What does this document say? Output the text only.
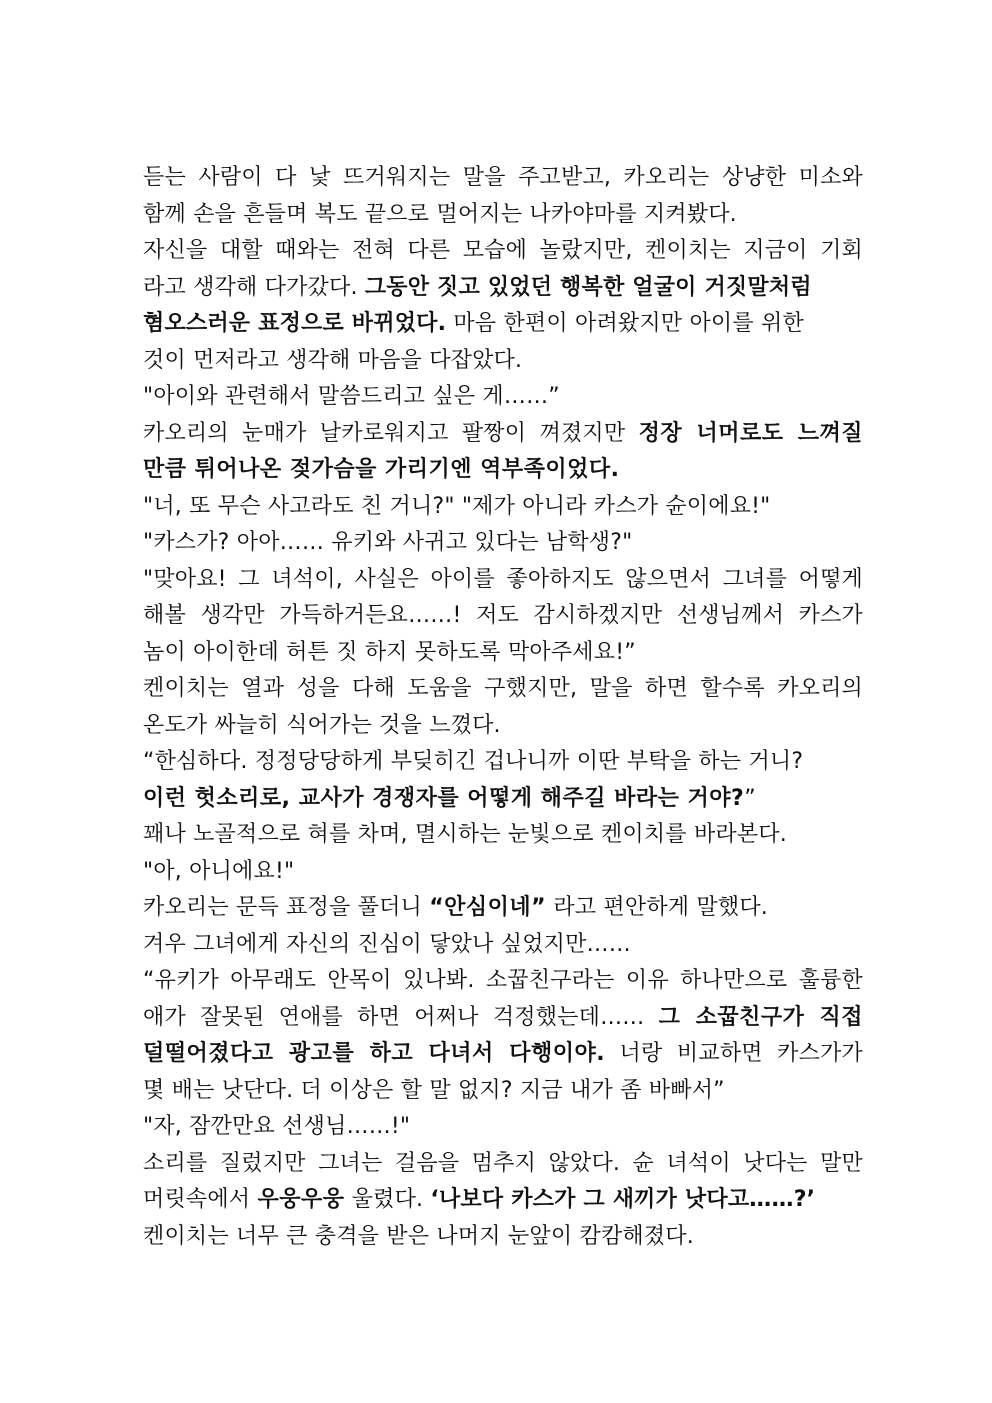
듣는 사람이 다 낯 뜨거워지는 말을 주고받고, 카오리는 상냥한 미소와
함께 손을 흔들며 복도 끝으로 멀어지는 나카야마를 지켜봤다.
자신을 대할 때와는 전혀 다른 모습에 놀랐지만, 켄이치는 지금이 기회
라고 생각해 다가갔다. 그동안 짓고 있었던 행복한 얼굴이 거짓말처럼
혐오스러운 표정으로 바뀌었다. 마음 한편이 아려왔지만 아이를 위한
것이 먼저라고 생각해 마음을 다잡았다.
"아이와 관련해서 말씀드리고 싶은 게……”
카오리의 눈매가 날카로워지고 팔짱이 껴졌지만 정장 너머로도 느껴질
만큼 튀어나온 젖가슴을 가리기엔 역부족이었다.
"너, 또 무슨 사고라도 친 거니?" "제가 아니라 카스가 슌이에요!"
"카스가? 아아…… 유키와 사귀고 있다는 남학생?"
"맞아요! 그 녀석이, 사실은 아이를 좋아하지도 않으면서 그녀를 어떻게
해볼 생각만 가득하거든요……! 저도 감시하겠지만 선생님께서 카스가
놈이 아이한데 허튼 짓 하지 못하도록 막아주세요!”
켄이치는 열과 성을 다해 도움을 구했지만, 말을 하면 할수록 카오리의
온도가 싸늘히 식어가는 것을 느꼈다.
“한심하다. 정정당당하게 부딪히긴 겁나니까 이딴 부탁을 하는 거니?
이런 헛소리로, 교사가 경쟁자를 어떻게 해주길 바라는 거야?”
꽤나 노골적으로 혀를 차며, 멸시하는 눈빛으로 켄이치를 바라본다.
"아, 아니에요!"
카오리는 문득 표정을 풀더니 “안심이네” 라고 편안하게 말했다.
겨우 그녀에게 자신의 진심이 닿았나 싶었지만……
“유키가 아무래도 안목이 있나봐. 소꿉친구라는 이유 하나만으로 훌륭한
애가 잘못된 연애를 하면 어쩌나 걱정했는데…… 그 소꿉친구가 직접
덜떨어졌다고 광고를 하고 다녀서 다행이야. 너랑 비교하면 카스가가
몇 배는 낫단다. 더 이상은 할 말 없지? 지금 내가 좀 바빠서”
"자, 잠깐만요 선생님……!"
소리를 질렀지만 그녀는 걸음을 멈추지 않았다. 슌 녀석이 낫다는 말만
머릿속에서 우웅우웅 울렸다. ‘나보다 카스가 그 새끼가 낫다고……?’
켄이치는 너무 큰 충격을 받은 나머지 눈앞이 캄캄해졌다.
